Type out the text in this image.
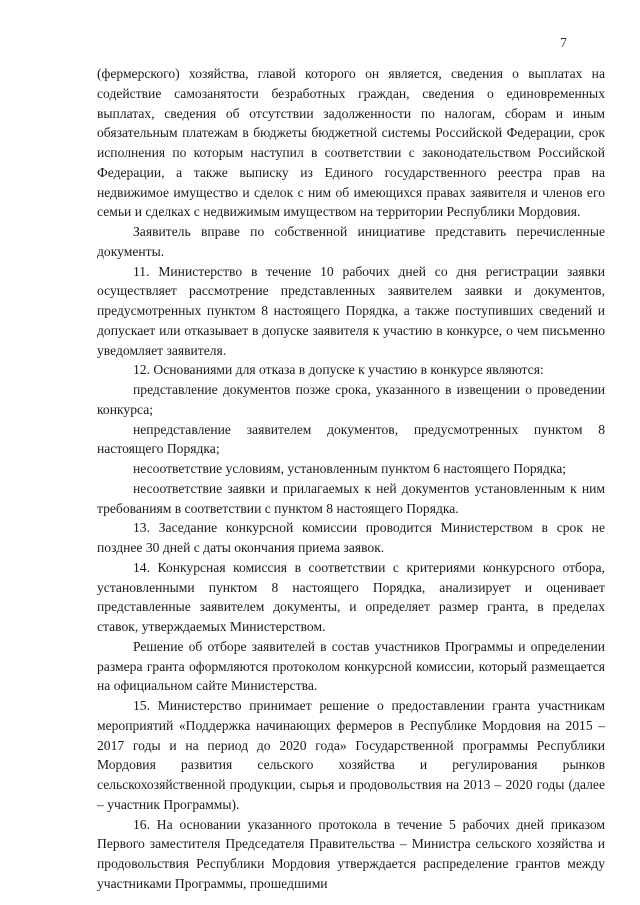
7

(фермерского) хозяйства, главой которого он является, сведения о выплатах на содействие самозанятости безработных граждан, сведения о единовременных выплатах, сведения об отсутствии задолженности по налогам, сборам и иным обязательным платежам в бюджеты бюджетной системы Российской Федерации, срок исполнения по которым наступил в соответствии с законодательством Российской Федерации, а также выписку из Единого государственного реестра прав на недвижимое имущество и сделок с ним об имеющихся правах заявителя и членов его семьи и сделках с недвижимым имуществом на территории Республики Мордовия.

Заявитель вправе по собственной инициативе представить перечисленные документы.

11. Министерство в течение 10 рабочих дней со дня регистрации заявки осуществляет рассмотрение представленных заявителем заявки и документов, предусмотренных пунктом 8 настоящего Порядка, а также поступивших сведений и допускает или отказывает в допуске заявителя к участию в конкурсе, о чем письменно уведомляет заявителя.

12. Основаниями для отказа в допуске к участию в конкурсе являются:

представление документов позже срока, указанного в извещении о проведении конкурса;

непредставление заявителем документов, предусмотренных пунктом 8 настоящего Порядка;

несоответствие условиям, установленным пунктом 6 настоящего Порядка;

несоответствие заявки и прилагаемых к ней документов установленным к ним требованиям в соответствии с пунктом 8 настоящего Порядка.

13. Заседание конкурсной комиссии проводится Министерством в срок не позднее 30 дней с даты окончания приема заявок.

14. Конкурсная комиссия в соответствии с критериями конкурсного отбора, установленными пунктом 8 настоящего Порядка, анализирует и оценивает представленные заявителем документы, и определяет размер гранта, в пределах ставок, утверждаемых Министерством.

Решение об отборе заявителей в состав участников Программы и определении размера гранта оформляются протоколом конкурсной комиссии, который размещается на официальном сайте Министерства.

15. Министерство принимает решение о предоставлении гранта участникам мероприятий «Поддержка начинающих фермеров в Республике Мордовия на 2015 – 2017 годы и на период до 2020 года» Государственной программы Республики Мордовия развития сельского хозяйства и регулирования рынков сельскохозяйственной продукции, сырья и продовольствия на 2013 – 2020 годы (далее – участник Программы).

16. На основании указанного протокола в течение 5 рабочих дней приказом Первого заместителя Председателя Правительства – Министра сельского хозяйства и продовольствия Республики Мордовия утверждается распределение грантов между участниками Программы, прошедшими
